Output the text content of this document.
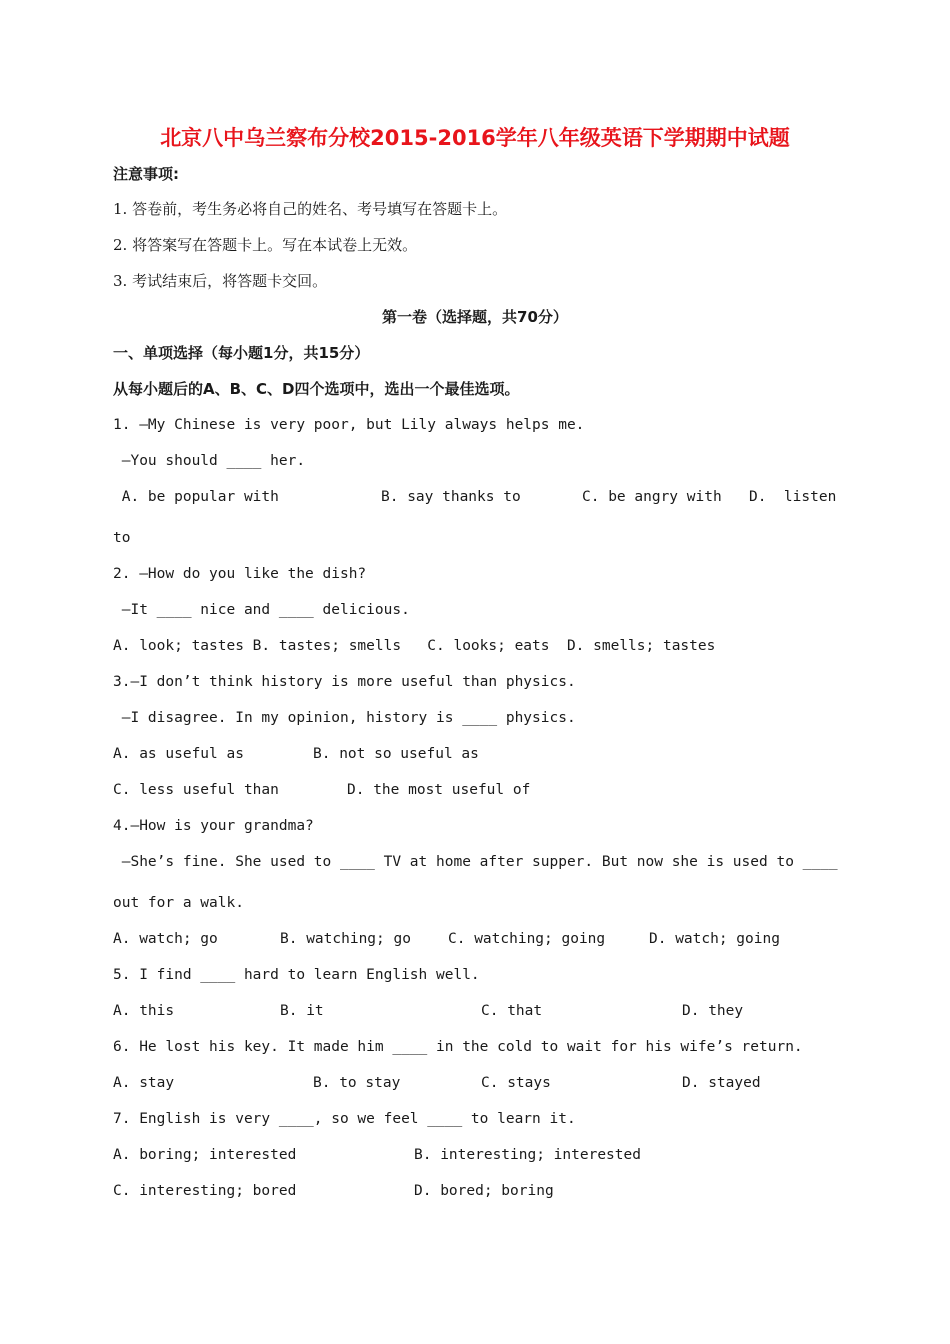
北京八中乌兰察布分校2015-2016学年八年级英语下学期期中试题
注意事项:
1. 答卷前，考生务必将自己的姓名、考号填写在答题卡上。
2. 将答案写在答题卡上。写在本试卷上无效。
3. 考试结束后，将答题卡交回。
第一卷（选择题，共70分）
一、单项选择（每小题1分，共15分）
从每小题后的A、B、C、D四个选项中，选出一个最佳选项。
1. —My Chinese is very poor, but Lily always helps me.
—You should ____ her.
A. be popular with	B. say thanks to	C. be angry with D.  listen
to
2. —How do you like the dish?
—It ____ nice and ____ delicious.
A. look; tastes B. tastes; smells   C. looks; eats  D. smells; tastes
3.—I don’t think history is more useful than physics.
—I disagree. In my opinion, history is ____ physics.
A. as useful as	B. not so useful as
C. less useful than	D. the most useful of
4.—How is your grandma?
—She’s fine. She used to ____ TV at home after supper. But now she is used to ____
out for a walk.
A. watch; go	B. watching; go	C. watching; going	D. watch; going
5. I find ____ hard to learn English well.
A. this	B. it	C. that	D. they
6. He lost his key. It made him ____ in the cold to wait for his wife’s return.
A. stay	B. to stay	C. stays	D. stayed
7. English is very ____, so we feel ____ to learn it.
A. boring; interested	B. interesting; interested
C. interesting; bored	D. bored; boring
